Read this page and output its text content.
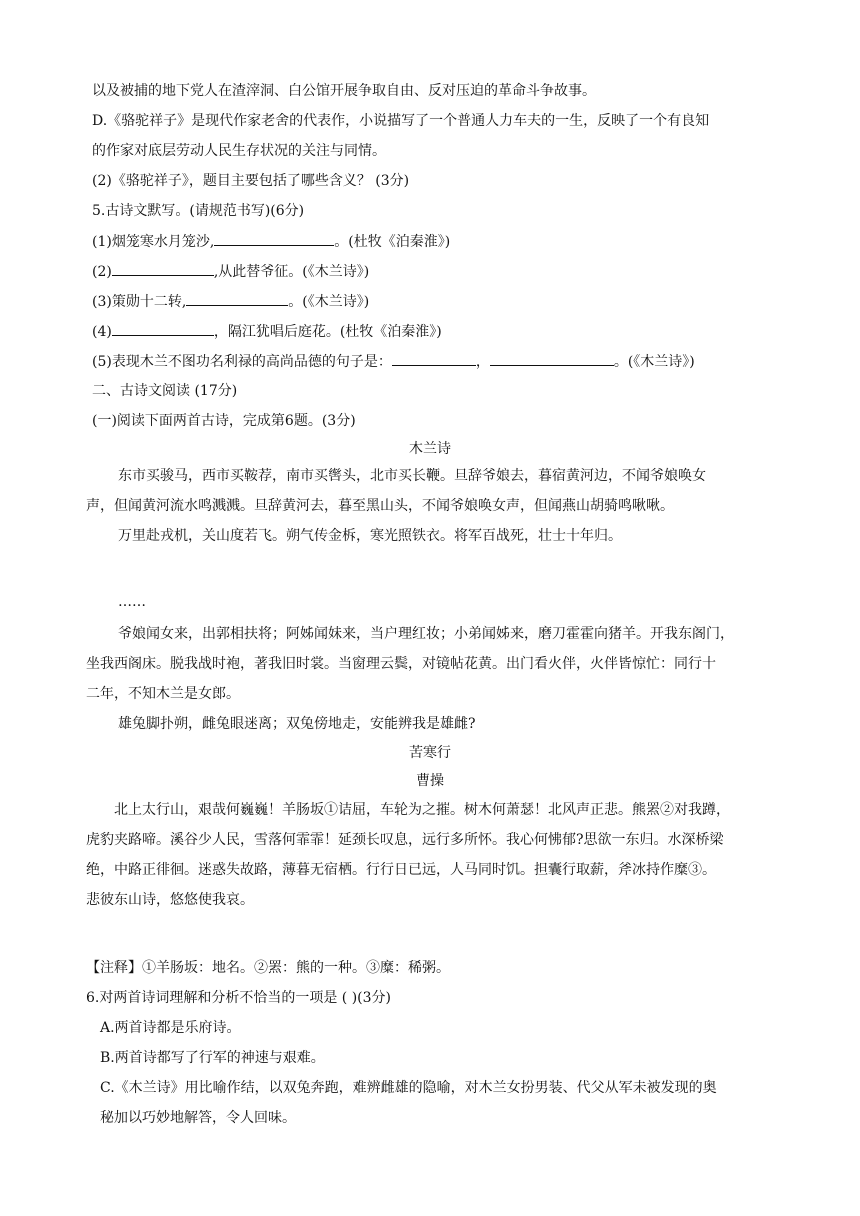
以及被捕的地下党人在渣滓洞、白公馆开展争取自由、反对压迫的革命斗争故事。
D.《骆驼祥子》是现代作家老舍的代表作，小说描写了一个普通人力车夫的一生，反映了一个有良知
的作家对底层劳动人民生存状况的关注与同情。
(2)《骆驼祥子》，题目主要包括了哪些含义？ (3分)
5.古诗文默写。(请规范书写)(6分)
(1)烟笼寒水月笼沙,	。(杜牧《泊秦淮》)
(2)	,从此替爷征。(《木兰诗》)
(3)策勋十二转,	。(《木兰诗》)
(4)	，隔江犹唱后庭花。(杜牧《泊秦淮》)
(5)表现木兰不图功名利禄的高尚品德的句子是：	，	。(《木兰诗》)
二、古诗文阅读 (17分)
(一)阅读下面两首古诗，完成第6题。(3分)
木兰诗
东市买骏马，西市买鞍荐，南市买辔头，北市买长鞭。旦辞爷娘去，暮宿黄河边，不闻爷娘唤女
声，但闻黄河流水鸣溅溅。旦辞黄河去，暮至黑山头，不闻爷娘唤女声，但闻燕山胡骑鸣啾啾。
万里赴戎机，关山度若飞。朔气传金柝，寒光照铁衣。将军百战死，壮士十年归。
……
爷娘闻女来，出郭相扶将；阿姊闻妹来，当户理红妆；小弟闻姊来，磨刀霍霍向猪羊。开我东阁门，
坐我西阁床。脱我战时袍，著我旧时裳。当窗理云鬓，对镜帖花黄。出门看火伴，火伴皆惊忙：同行十
二年，不知木兰是女郎。
雄兔脚扑朔，雌兔眼迷离；双兔傍地走，安能辨我是雄雌?
苦寒行
曹操
北上太行山，艰哉何巍巍！羊肠坂①诘屈，车轮为之摧。树木何萧瑟！北风声正悲。熊罴②对我蹲，
虎豹夹路啼。溪谷少人民，雪落何霏霏！延颈长叹息，远行多所怀。我心何怫郁?思欲一东归。水深桥梁
绝，中路正徘徊。迷惑失故路，薄暮无宿栖。行行日已远，人马同时饥。担囊行取薪，斧冰持作糜③。
悲彼东山诗，悠悠使我哀。
【注释】①羊肠坂：地名。②罴：熊的一种。③糜：稀粥。
6.对两首诗词理解和分析不恰当的一项是 ( )(3分)
A.两首诗都是乐府诗。
B.两首诗都写了行军的神速与艰难。
C.《木兰诗》用比喻作结，以双兔奔跑，难辨雌雄的隐喻，对木兰女扮男装、代父从军未被发现的奥
秘加以巧妙地解答，令人回味。
